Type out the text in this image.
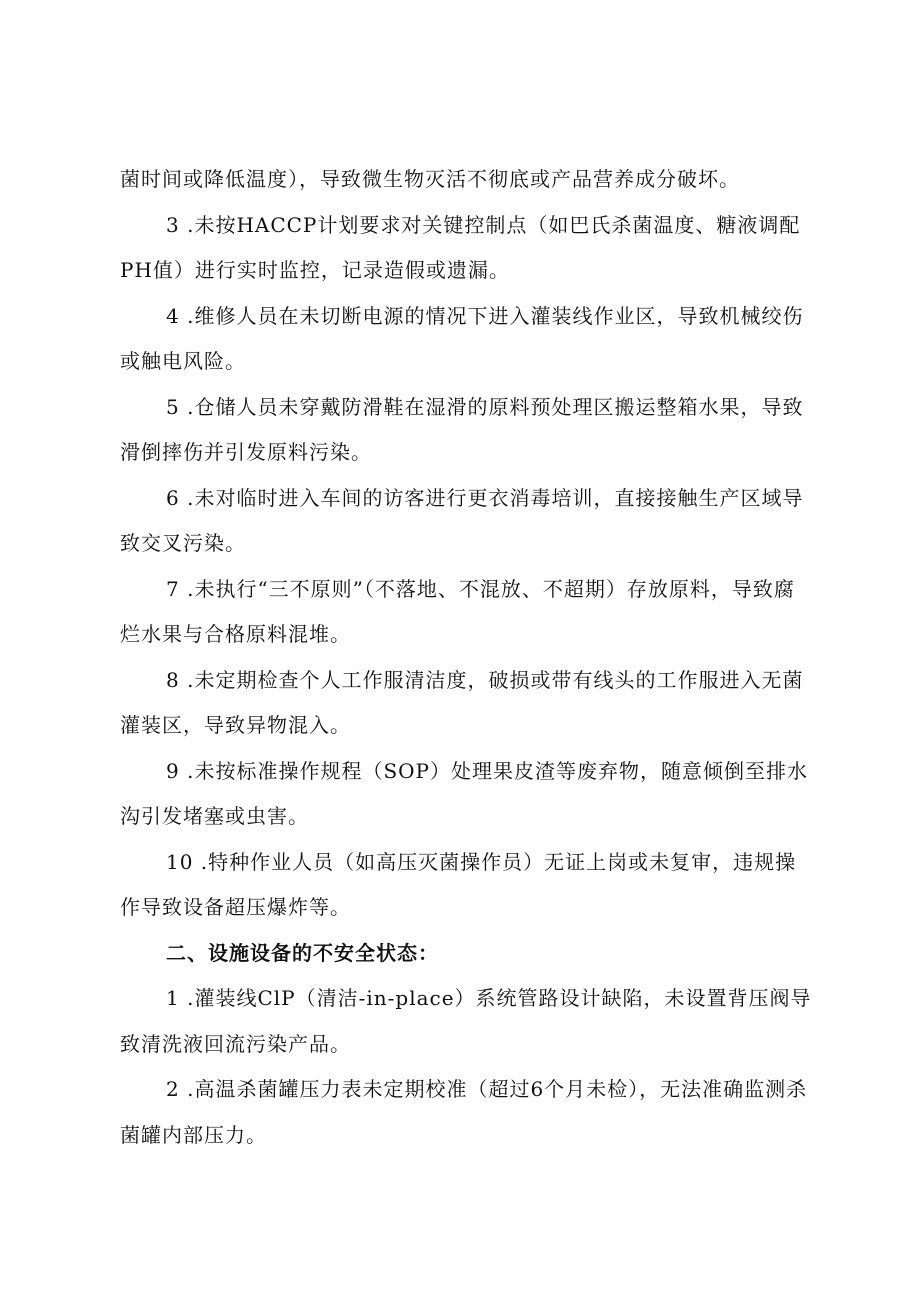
菌时间或降低温度），导致微生物灭活不彻底或产品营养成分破坏。

3 .未按HACCP计划要求对关键控制点（如巴氏杀菌温度、糖液调配PH值）进行实时监控，记录造假或遗漏。

4 .维修人员在未切断电源的情况下进入灌装线作业区，导致机械绞伤或触电风险。

5 .仓储人员未穿戴防滑鞋在湿滑的原料预处理区搬运整箱水果，导致滑倒摔伤并引发原料污染。

6 .未对临时进入车间的访客进行更衣消毒培训，直接接触生产区域导致交叉污染。

7 .未执行“三不原则”（不落地、不混放、不超期）存放原料，导致腐烂水果与合格原料混堆。

8 .未定期检查个人工作服清洁度，破损或带有线头的工作服进入无菌灌装区，导致异物混入。

9 .未按标准操作规程（SOP）处理果皮渣等废弃物，随意倾倒至排水沟引发堵塞或虫害。

10 .特种作业人员（如高压灭菌操作员）无证上岗或未复审，违规操作导致设备超压爆炸等。

二、设施设备的不安全状态：

1 .灌装线ClP（清洁-in-place）系统管路设计缺陷，未设置背压阀导致清洗液回流污染产品。

2 .高温杀菌罐压力表未定期校准（超过6个月未检），无法准确监测杀菌罐内部压力。
